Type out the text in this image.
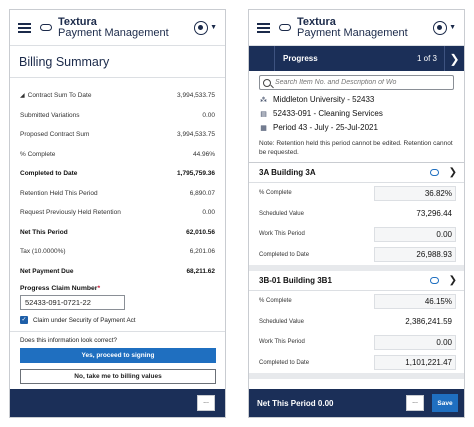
Textura
Payment Management	▼
Billing Summary
◢ Contract Sum To Date	3,994,533.75
Submitted Variations	0.00
Proposed Contract Sum	3,994,533.75
% Complete	44.96%
Completed to Date	1,795,759.36
Retention Held This Period	6,890.07
Request Previously Held Retention	0.00
Net This Period	62,010.56
Tax (10.0000%)	6,201.06
Net Payment Due	68,211.62
Progress Claim Number*
52433-091-0721-22
✓ Claim under Security of Payment Act
Does this information look correct?
Yes, proceed to signing
No, take me to billing values
...
Textura
Payment Management	▼
Progress	1 of 3	❯
Search Item No. and Description of Wo
⁂ Middleton University - 52433
▤ 52433-091 - Cleaning Services
▦ Period 43 - July - 25-Jul-2021
Note: Retention held this period cannot be edited. Retention cannot be requested.
3A Building 3A	❯
% Complete	36.82%
Scheduled Value	73,296.44
Work This Period	0.00
Completed to Date	26,988.93
3B-01 Building 3B1	❯
% Complete	46.15%
Scheduled Value	2,386,241.59
Work This Period	0.00
Completed to Date	1,101,221.47
Net This Period 0.00	...	Save
